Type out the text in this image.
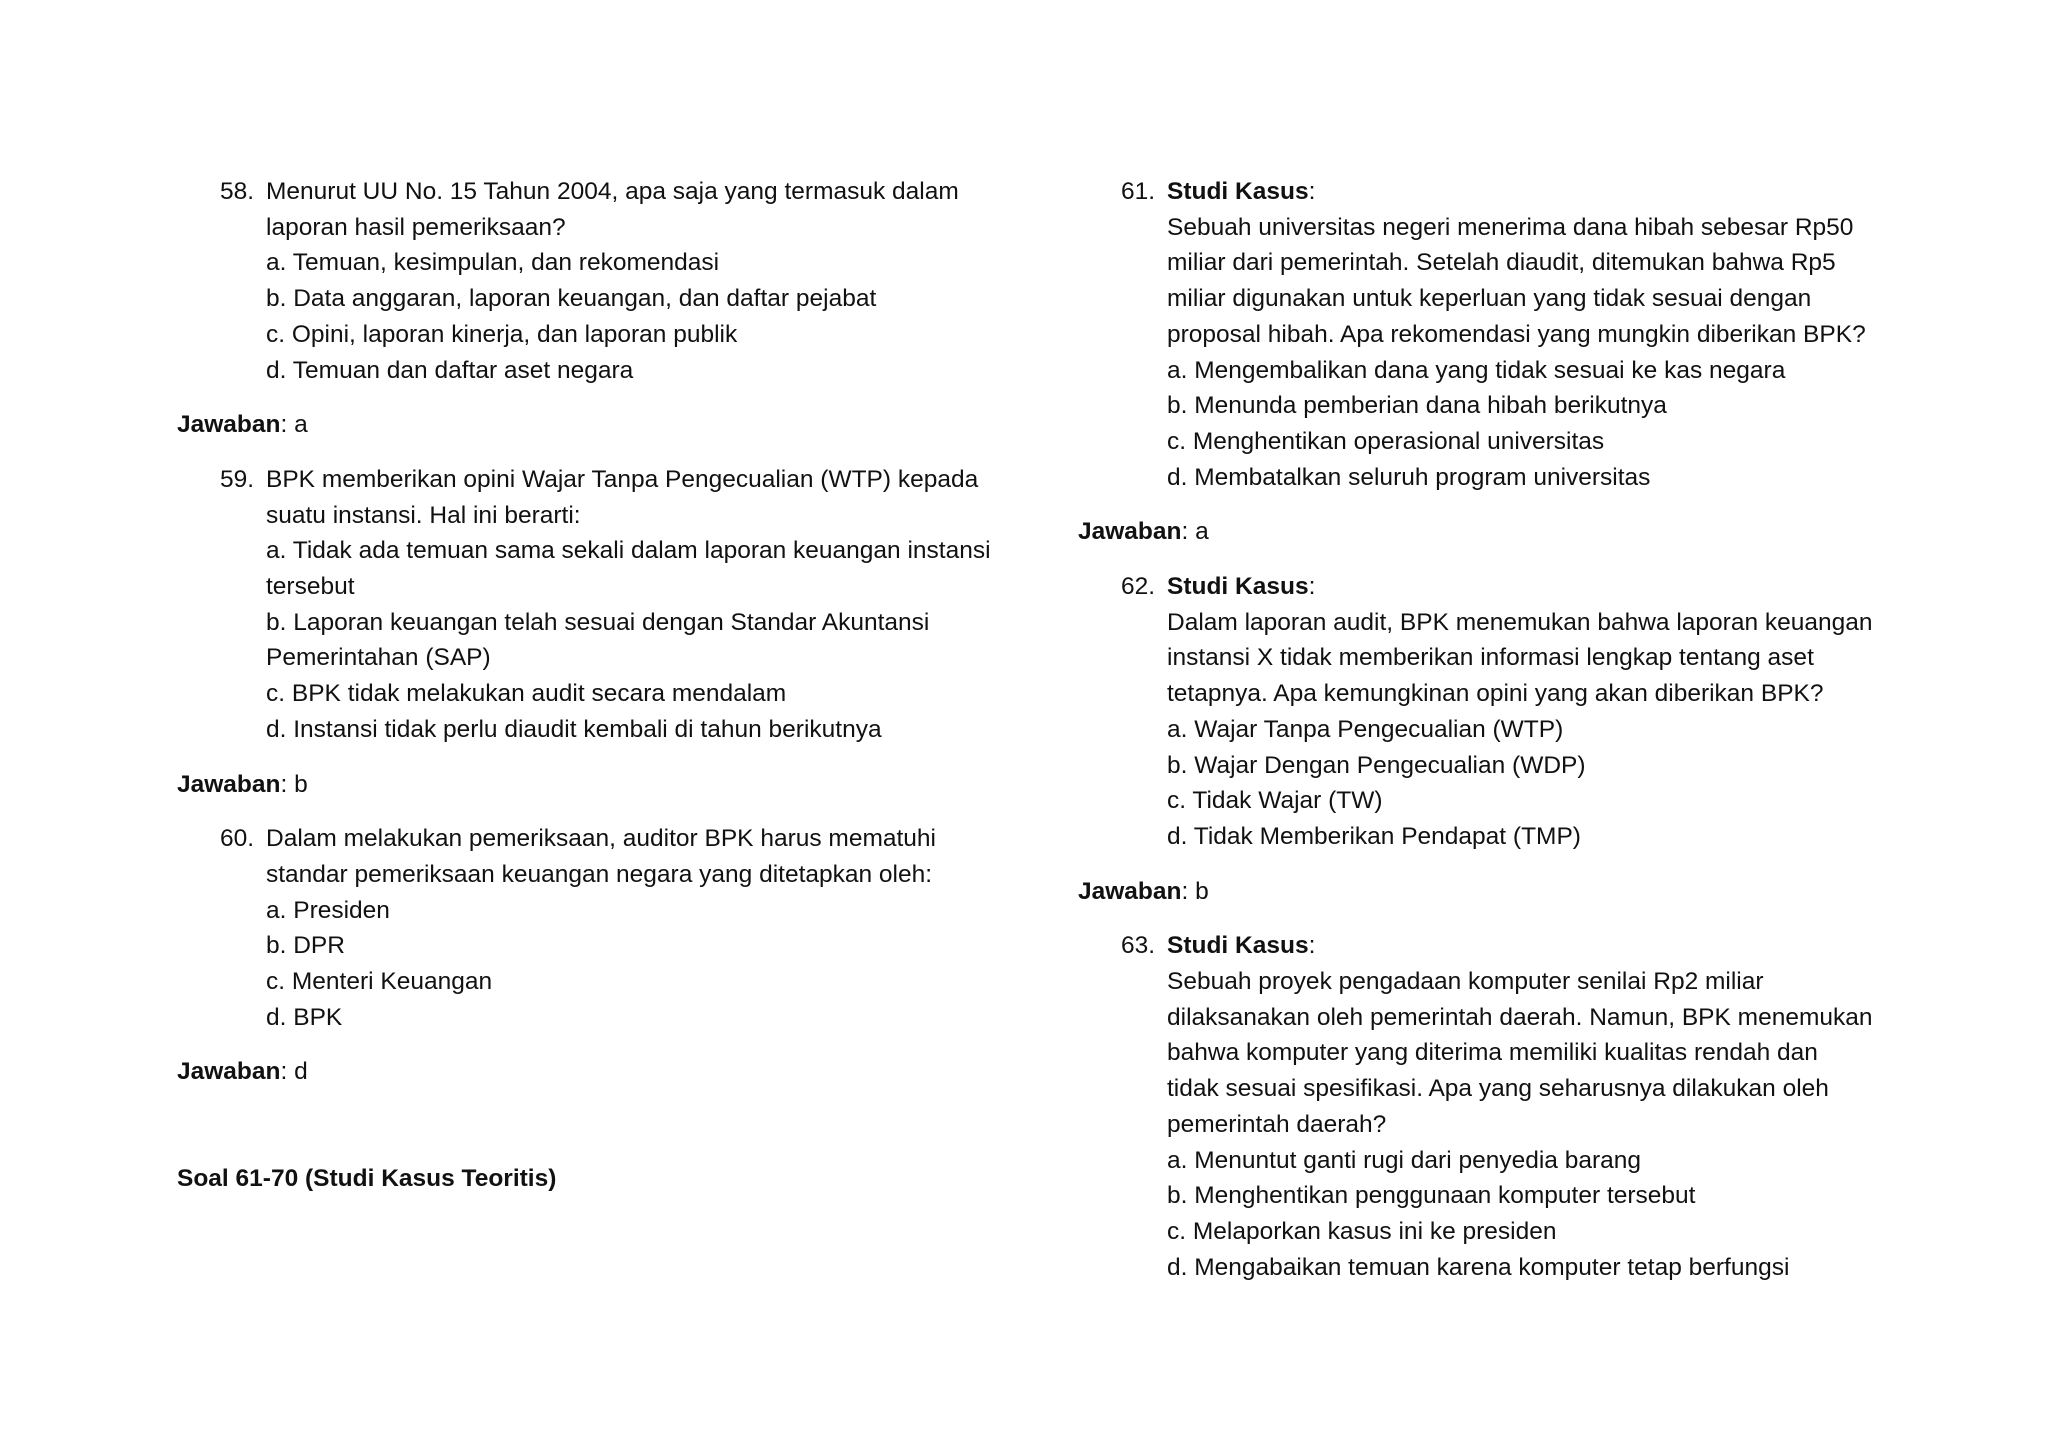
58. Menurut UU No. 15 Tahun 2004, apa saja yang termasuk dalam
laporan hasil pemeriksaan?
a. Temuan, kesimpulan, dan rekomendasi
b. Data anggaran, laporan keuangan, dan daftar pejabat
c. Opini, laporan kinerja, dan laporan publik
d. Temuan dan daftar aset negara
Jawaban: a
59. BPK memberikan opini Wajar Tanpa Pengecualian (WTP) kepada
suatu instansi. Hal ini berarti:
a. Tidak ada temuan sama sekali dalam laporan keuangan instansi
tersebut
b. Laporan keuangan telah sesuai dengan Standar Akuntansi
Pemerintahan (SAP)
c. BPK tidak melakukan audit secara mendalam
d. Instansi tidak perlu diaudit kembali di tahun berikutnya
Jawaban: b
60. Dalam melakukan pemeriksaan, auditor BPK harus mematuhi
standar pemeriksaan keuangan negara yang ditetapkan oleh:
a. Presiden
b. DPR
c. Menteri Keuangan
d. BPK
Jawaban: d
Soal 61-70 (Studi Kasus Teoritis)
61. Studi Kasus:
Sebuah universitas negeri menerima dana hibah sebesar Rp50
miliar dari pemerintah. Setelah diaudit, ditemukan bahwa Rp5
miliar digunakan untuk keperluan yang tidak sesuai dengan
proposal hibah. Apa rekomendasi yang mungkin diberikan BPK?
a. Mengembalikan dana yang tidak sesuai ke kas negara
b. Menunda pemberian dana hibah berikutnya
c. Menghentikan operasional universitas
d. Membatalkan seluruh program universitas
Jawaban: a
62. Studi Kasus:
Dalam laporan audit, BPK menemukan bahwa laporan keuangan
instansi X tidak memberikan informasi lengkap tentang aset
tetapnya. Apa kemungkinan opini yang akan diberikan BPK?
a. Wajar Tanpa Pengecualian (WTP)
b. Wajar Dengan Pengecualian (WDP)
c. Tidak Wajar (TW)
d. Tidak Memberikan Pendapat (TMP)
Jawaban: b
63. Studi Kasus:
Sebuah proyek pengadaan komputer senilai Rp2 miliar
dilaksanakan oleh pemerintah daerah. Namun, BPK menemukan
bahwa komputer yang diterima memiliki kualitas rendah dan
tidak sesuai spesifikasi. Apa yang seharusnya dilakukan oleh
pemerintah daerah?
a. Menuntut ganti rugi dari penyedia barang
b. Menghentikan penggunaan komputer tersebut
c. Melaporkan kasus ini ke presiden
d. Mengabaikan temuan karena komputer tetap berfungsi
